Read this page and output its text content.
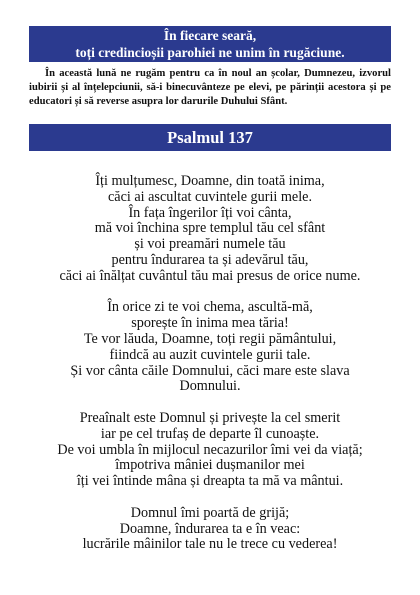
În fiecare seară,
toți credincioșii parohiei ne unim în rugăciune.

În această lună ne rugăm pentru ca în noul an școlar, Dumnezeu, izvorul iubirii și al înțelepciunii, să-i binecuvânteze pe elevi, pe părinții acestora și pe educatori și să reverse asupra lor darurile Duhului Sfânt.

Psalmul 137

Îți mulțumesc, Doamne, din toată inima,
căci ai ascultat cuvintele gurii mele.
În fața îngerilor îți voi cânta,
mă voi închina spre templul tău cel sfânt
și voi preamări numele tău
pentru îndurarea ta și adevărul tău,
căci ai înălțat cuvântul tău mai presus de orice nume.

În orice zi te voi chema, ascultă-mă,
sporește în inima mea tăria!
Te vor lăuda, Doamne, toți regii pământului,
fiindcă au auzit cuvintele gurii tale.
Și vor cânta căile Domnului, căci mare este slava
Domnului.

Preaînalt este Domnul și privește la cel smerit
iar pe cel trufaș de departe îl cunoaște.
De voi umbla în mijlocul necazurilor îmi vei da viață;
împotriva mâniei dușmanilor mei
îți vei întinde mâna și dreapta ta mă va mântui.

Domnul îmi poartă de grijă;
Doamne, îndurarea ta e în veac:
lucrările mâinilor tale nu le trece cu vederea!
